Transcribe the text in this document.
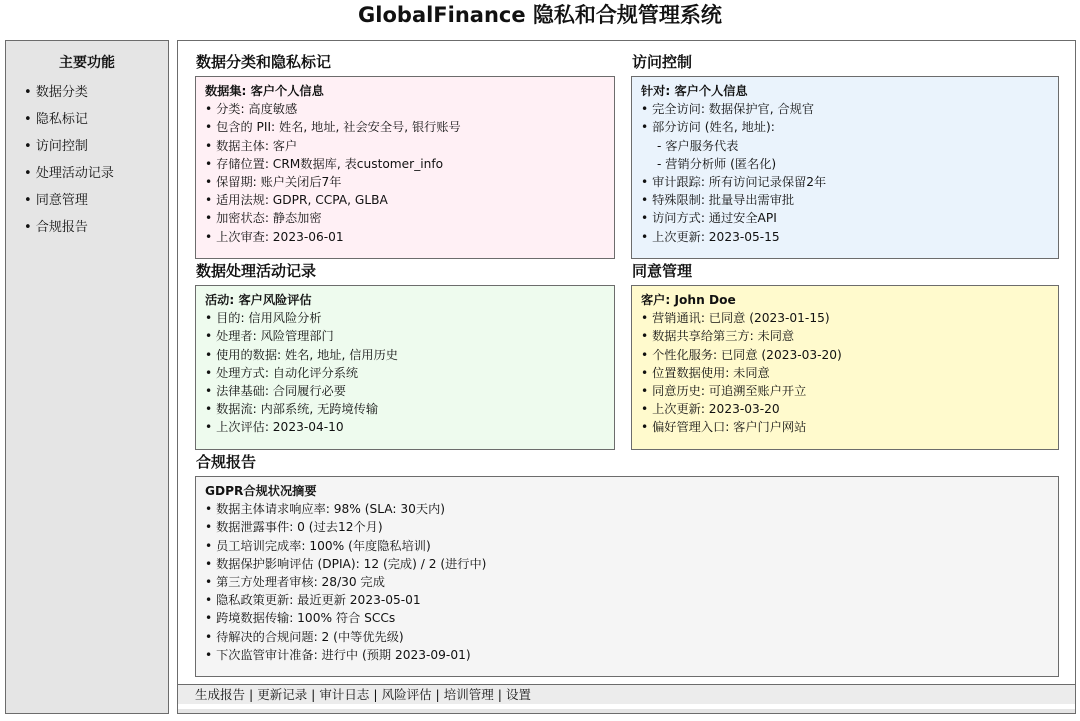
GlobalFinance 隐私和合规管理系统
主要功能
• 数据分类
• 隐私标记
• 访问控制
• 处理活动记录
• 同意管理
• 合规报告
数据分类和隐私标记
数据集: 客户个人信息
• 分类: 高度敏感
• 包含的 PII: 姓名, 地址, 社会安全号, 银行账号
• 数据主体: 客户
• 存储位置: CRM数据库, 表customer_info
• 保留期: 账户关闭后7年
• 适用法规: GDPR, CCPA, GLBA
• 加密状态: 静态加密
• 上次审查: 2023-06-01
访问控制
针对: 客户个人信息
• 完全访问: 数据保护官, 合规官
• 部分访问 (姓名, 地址):
- 客户服务代表
- 营销分析师 (匿名化)
• 审计跟踪: 所有访问记录保留2年
• 特殊限制: 批量导出需审批
• 访问方式: 通过安全API
• 上次更新: 2023-05-15
数据处理活动记录
活动: 客户风险评估
• 目的: 信用风险分析
• 处理者: 风险管理部门
• 使用的数据: 姓名, 地址, 信用历史
• 处理方式: 自动化评分系统
• 法律基础: 合同履行必要
• 数据流: 内部系统, 无跨境传输
• 上次评估: 2023-04-10
同意管理
客户: John Doe
• 营销通讯: 已同意 (2023-01-15)
• 数据共享给第三方: 未同意
• 个性化服务: 已同意 (2023-03-20)
• 位置数据使用: 未同意
• 同意历史: 可追溯至账户开立
• 上次更新: 2023-03-20
• 偏好管理入口: 客户门户网站
合规报告
GDPR合规状况摘要
• 数据主体请求响应率: 98% (SLA: 30天内)
• 数据泄露事件: 0 (过去12个月)
• 员工培训完成率: 100% (年度隐私培训)
• 数据保护影响评估 (DPIA): 12 (完成) / 2 (进行中)
• 第三方处理者审核: 28/30 完成
• 隐私政策更新: 最近更新 2023-05-01
• 跨境数据传输: 100% 符合 SCCs
• 待解决的合规问题: 2 (中等优先级)
• 下次监管审计准备: 进行中 (预期 2023-09-01)
生成报告 | 更新记录 | 审计日志 | 风险评估 | 培训管理 | 设置
